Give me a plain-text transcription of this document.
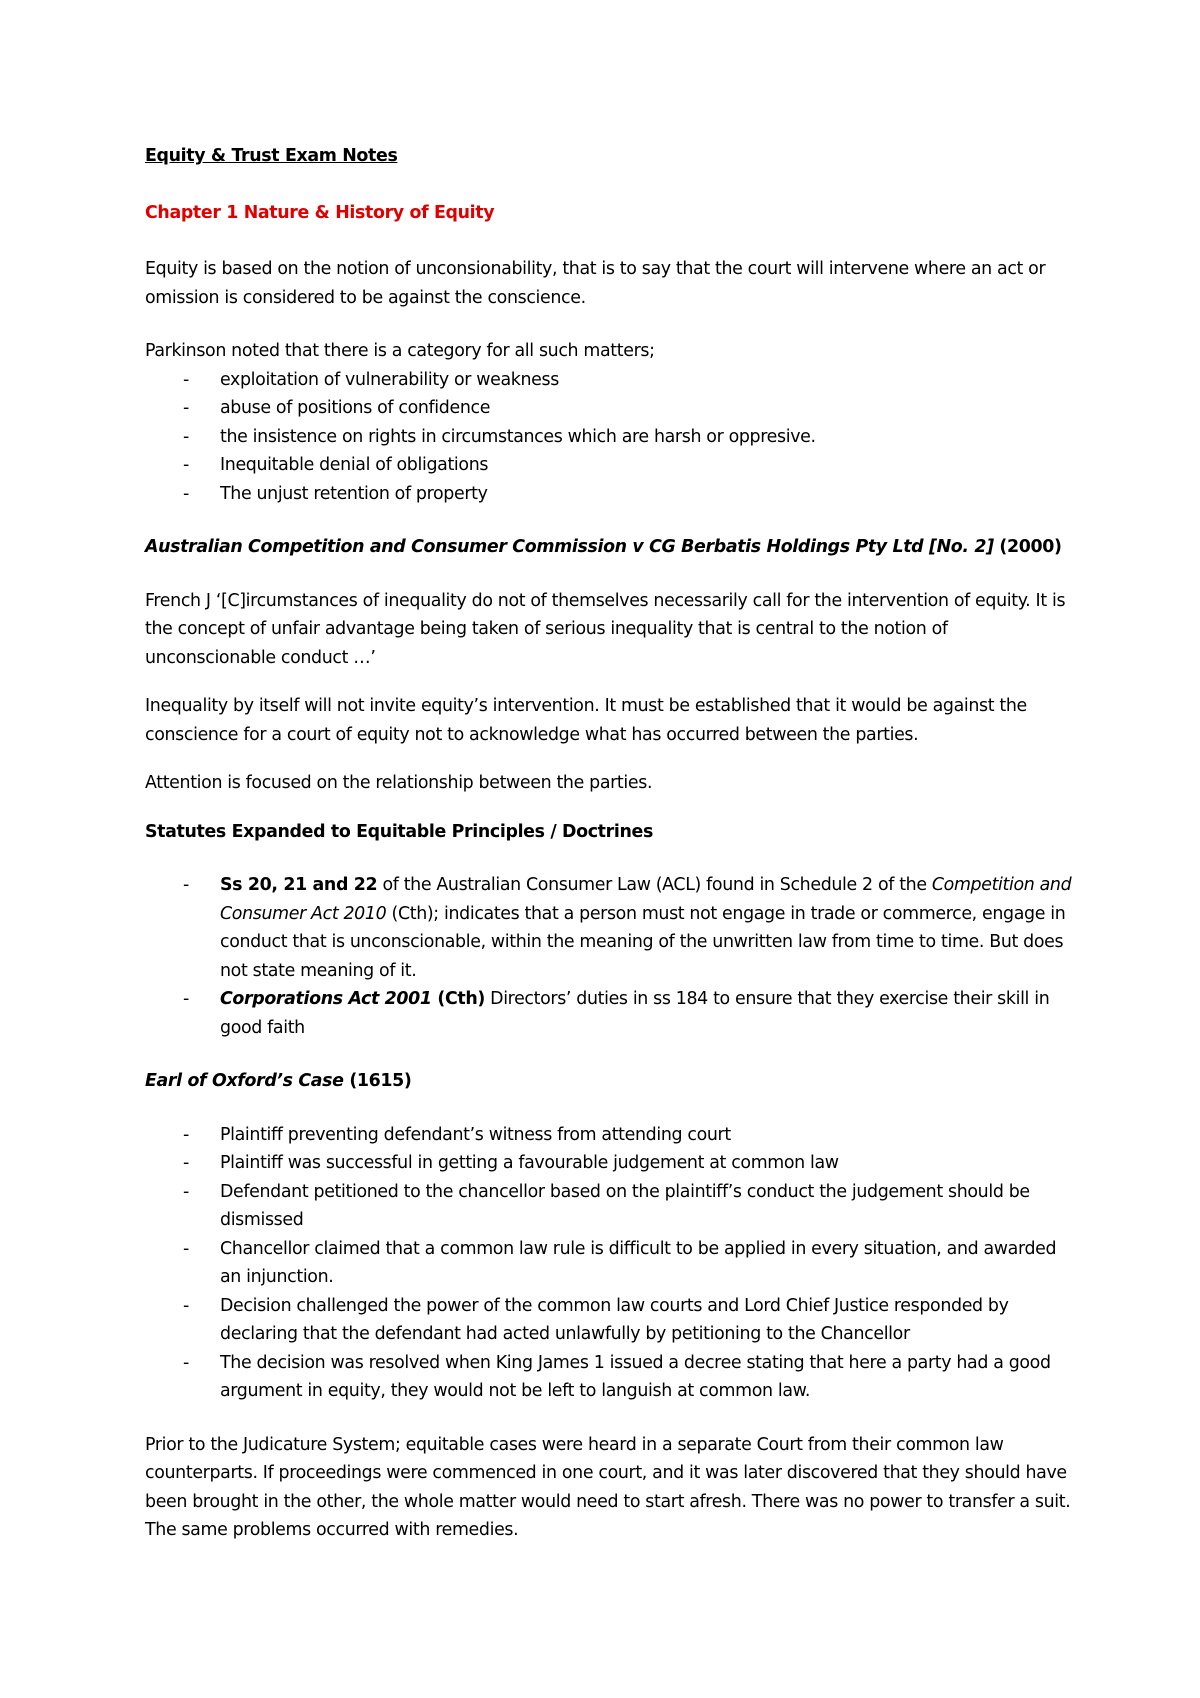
Equity & Trust Exam Notes

Chapter 1 Nature & History of Equity

Equity is based on the notion of unconsionability, that is to say that the court will intervene where an act or omission is considered to be against the conscience.

Parkinson noted that there is a category for all such matters;

- exploitation of vulnerability or weakness
- abuse of positions of confidence
- the insistence on rights in circumstances which are harsh or oppresive.
- Inequitable denial of obligations
- The unjust retention of property

Australian Competition and Consumer Commission v CG Berbatis Holdings Pty Ltd [No. 2] (2000)

French J ‘[C]ircumstances of inequality do not of themselves necessarily call for the intervention of equity. It is the concept of unfair advantage being taken of serious inequality that is central to the notion of unconscionable conduct …’

Inequality by itself will not invite equity’s intervention. It must be established that it would be against the conscience for a court of equity not to acknowledge what has occurred between the parties.

Attention is focused on the relationship between the parties.

Statutes Expanded to Equitable Principles / Doctrines

- Ss 20, 21 and 22 of the Australian Consumer Law (ACL) found in Schedule 2 of the Competition and Consumer Act 2010 (Cth); indicates that a person must not engage in trade or commerce, engage in conduct that is unconscionable, within the meaning of the unwritten law from time to time. But does not state meaning of it.
- Corporations Act 2001 (Cth) Directors’ duties in ss 184 to ensure that they exercise their skill in good faith

Earl of Oxford’s Case (1615)

- Plaintiff preventing defendant’s witness from attending court
- Plaintiff was successful in getting a favourable judgement at common law
- Defendant petitioned to the chancellor based on the plaintiff’s conduct the judgement should be dismissed
- Chancellor claimed that a common law rule is difficult to be applied in every situation, and awarded an injunction.
- Decision challenged the power of the common law courts and Lord Chief Justice responded by declaring that the defendant had acted unlawfully by petitioning to the Chancellor
- The decision was resolved when King James 1 issued a decree stating that here a party had a good argument in equity, they would not be left to languish at common law.

Prior to the Judicature System; equitable cases were heard in a separate Court from their common law counterparts. If proceedings were commenced in one court, and it was later discovered that they should have been brought in the other, the whole matter would need to start afresh. There was no power to transfer a suit. The same problems occurred with remedies.
